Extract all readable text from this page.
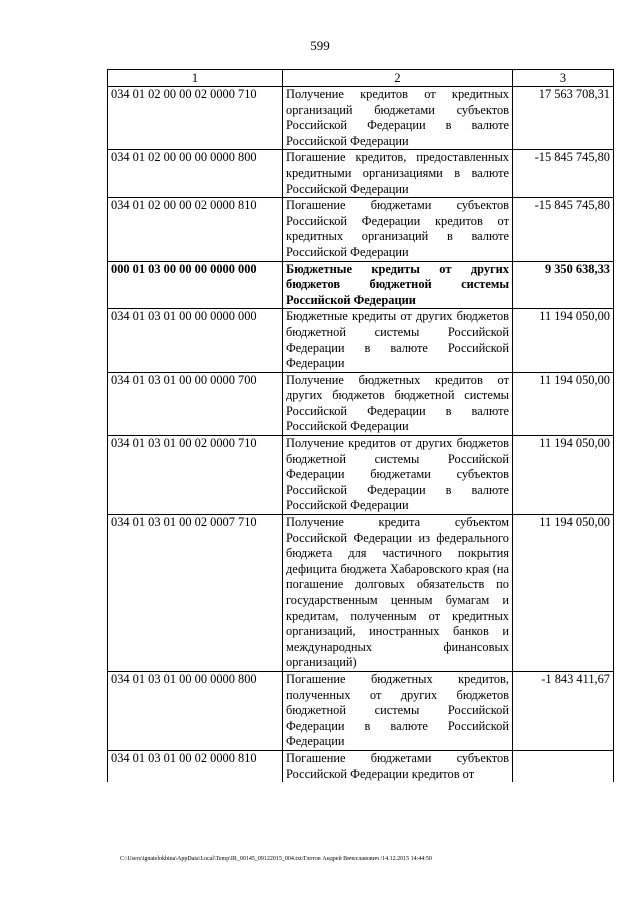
599
1	2	3
034 01 02 00 00 02 0000 710	Получение кредитов от кредитных организаций бюджетами субъектов Российской Федерации в валюте Российской Федерации	17 563 708,31
034 01 02 00 00 00 0000 800	Погашение кредитов, предоставленных кредитными организациями в валюте Российской Федерации	-15 845 745,80
034 01 02 00 00 02 0000 810	Погашение бюджетами субъектов Российской Федерации кредитов от кредитных организаций в валюте Российской Федерации	-15 845 745,80
000 01 03 00 00 00 0000 000	Бюджетные кредиты от других бюджетов бюджетной системы Российской Федерации	9 350 638,33
034 01 03 01 00 00 0000 000	Бюджетные кредиты от других бюджетов бюджетной системы Российской Федерации в валюте Российской Федерации	11 194 050,00
034 01 03 01 00 00 0000 700	Получение бюджетных кредитов от других бюджетов бюджетной системы Российской Федерации в валюте Российской Федерации	11 194 050,00
034 01 03 01 00 02 0000 710	Получение кредитов от других бюджетов бюджетной системы Российской Федерации бюджетами субъектов Российской Федерации в валюте Российской Федерации	11 194 050,00
034 01 03 01 00 02 0007 710	Получение кредита субъектом Российской Федерации из федерального бюджета для частичного покрытия дефицита бюджета Хабаровского края (на погашение долговых обязательств по государственным ценным бумагам и кредитам, полученным от кредитных организаций, иностранных банков и международных финансовых организаций)	11 194 050,00
034 01 03 01 00 00 0000 800	Погашение бюджетных кредитов, полученных от других бюджетов бюджетной системы Российской Федерации в валюте Российской Федерации	-1 843 411,67
034 01 03 01 00 02 0000 810	Погашение бюджетами субъектов Российской Федерации кредитов от	
C:\Users\ignatelokhina\AppData\Local\Temp\IR_00145_09122015_004.txt/Глотов Андрей Вячеславович /14.12.2015 14:44:50
